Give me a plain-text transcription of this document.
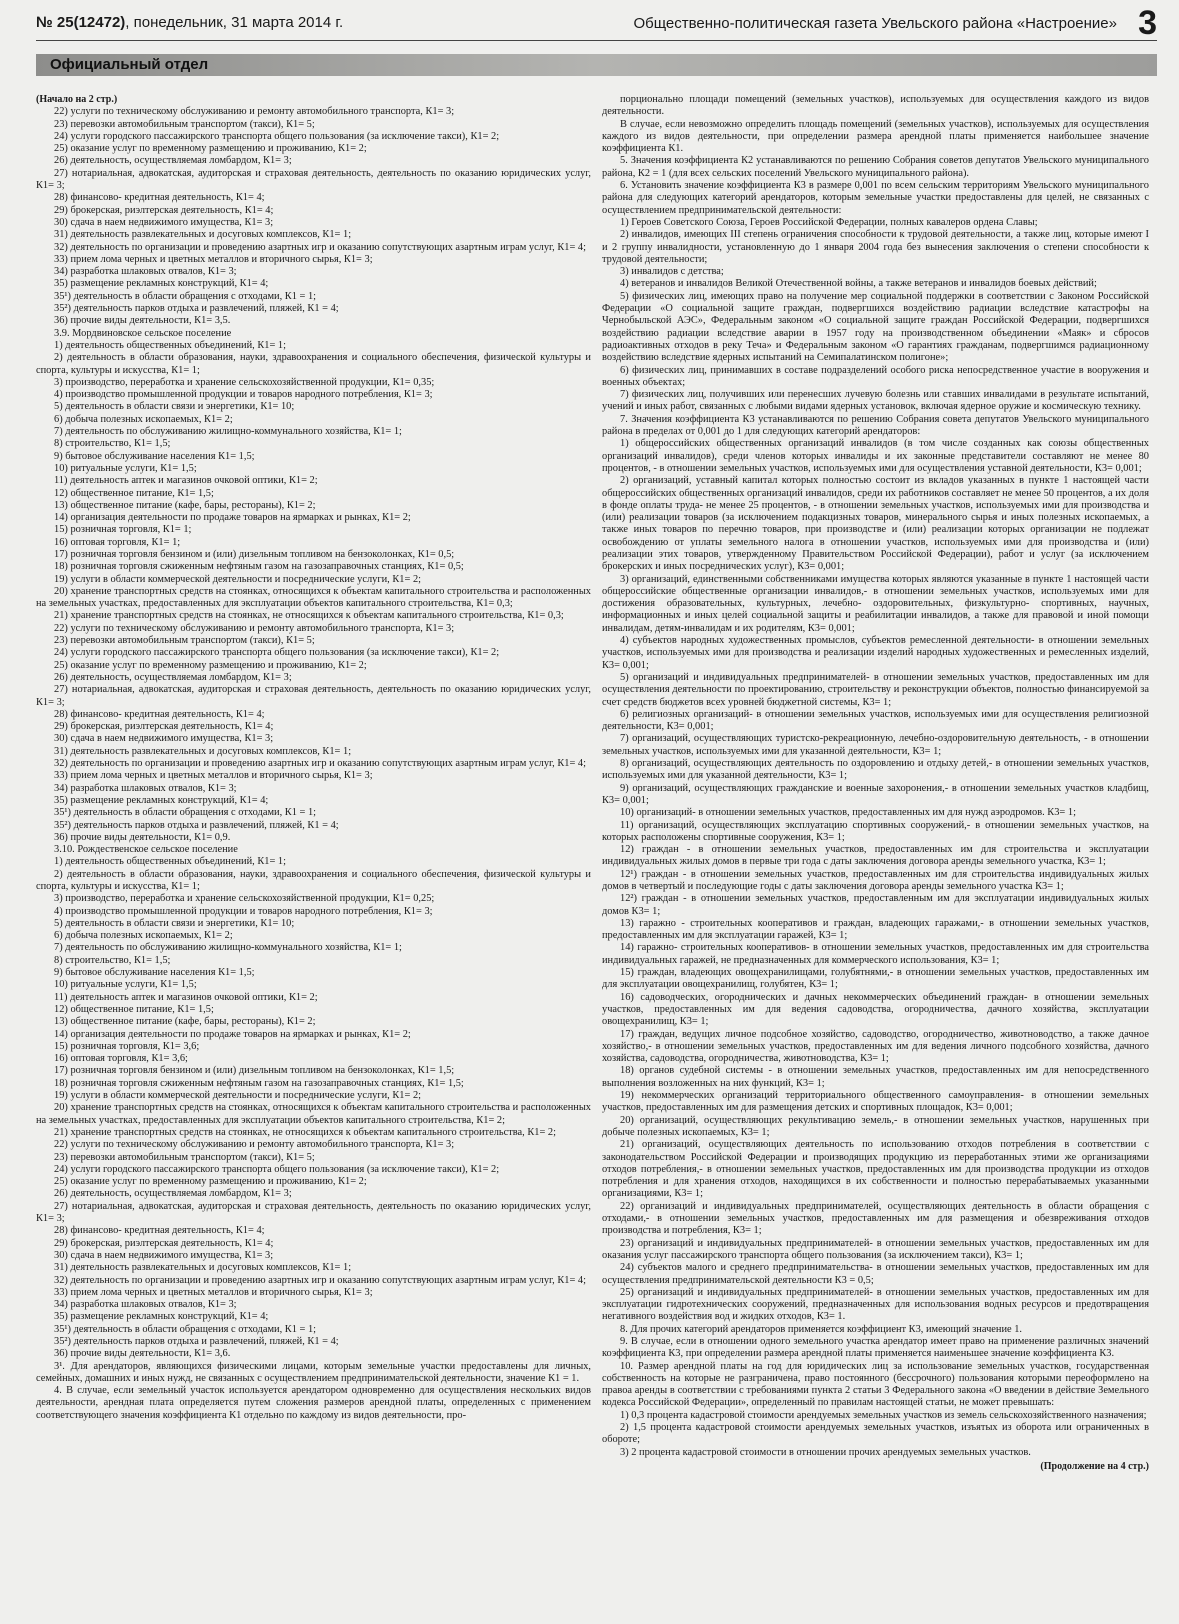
№ 25(12472), понедельник, 31 марта 2014 г.	Общественно-политическая газета Увельского района «Настроение» 3
Официальный отдел

(Начало на 2 стр.)

22) услуги по техническому обслуживанию и ремонту автомобильного транспорта, К1= 3;

23) перевозки автомобильным транспортом (такси), К1= 5;

24) услуги городского пассажирского транспорта общего пользования (за исключение такси), К1= 2;

25) оказание услуг по временному размещению и проживанию, К1= 2;

26) деятельность, осуществляемая ломбардом, К1= 3;

27) нотариальная, адвокатская, аудиторская и страховая деятельность, деятельность по оказанию юридических услуг, К1= 3;

28) финансово- кредитная деятельность, К1= 4;

29) брокерская, риэлтерская деятельность, К1= 4;

30) сдача в наем недвижимого имущества, К1= 3;

31) деятельность развлекательных и досуговых комплексов, К1= 1;

32) деятельность по организации и проведению азартных игр и оказанию сопутствующих азартным играм услуг, К1= 4;

33) прием лома черных и цветных металлов и вторичного сырья, К1= 3;

34) разработка шлаковых отвалов, К1= 3;

35) размещение рекламных конструкций, К1= 4;

35¹) деятельность в области обращения с отходами, К1 = 1;

35²) деятельность парков отдыха и развлечений, пляжей, К1 = 4;

36) прочие виды деятельности, К1= 3,5.

3.9. Мордвиновское сельское поселение

1) деятельность общественных объединений, К1= 1;

2) деятельность в области образования, науки, здравоохранения и социального обеспечения, физической культуры и спорта, культуры и искусства, К1= 1;

3) производство, переработка и хранение сельскохозяйственной продукции, К1= 0,35;

4) производство промышленной продукции и товаров народного потребления, К1= 3;

5) деятельность в области связи и энергетики, К1= 10;

6) добыча полезных ископаемых, К1= 2;

7) деятельность по обслуживанию жилищно-коммунального хозяйства, К1= 1;

8) строительство, К1= 1,5;

9) бытовое обслуживание населения К1= 1,5;

10) ритуальные услуги, К1= 1,5;

11) деятельность аптек и магазинов очковой оптики, К1= 2;

12) общественное питание, К1= 1,5;

13) общественное питание (кафе, бары, рестораны), К1= 2;

14) организация деятельности по продаже товаров на ярмарках и рынках, К1= 2;

15) розничная торговля, К1= 1;

16) оптовая торговля, К1= 1;

17) розничная торговля бензином и (или) дизельным топливом на бензоколонках, К1= 0,5;

18) розничная торговля сжиженным нефтяным газом на газозаправочных станциях, К1= 0,5;

19) услуги в области коммерческой деятельности и посреднические услуги, К1= 2;

20) хранение транспортных средств на стоянках, относящихся к объектам капитального строительства и расположенных на земельных участках, предоставленных для эксплуатации объектов капитального строительства, К1= 0,3;

21) хранение транспортных средств на стоянках, не относящихся к объектам капитального строительства, К1= 0,3;

22) услуги по техническому обслуживанию и ремонту автомобильного транспорта, К1= 3;

23) перевозки автомобильным транспортом (такси), К1= 5;

24) услуги городского пассажирского транспорта общего пользования (за исключение такси), К1= 2;

25) оказание услуг по временному размещению и проживанию, К1= 2;

26) деятельность, осуществляемая ломбардом, К1= 3;

27) нотариальная, адвокатская, аудиторская и страховая деятельность, деятельность по оказанию юридических услуг, К1= 3;

28) финансово- кредитная деятельность, К1= 4;

29) брокерская, риэлтерская деятельность, К1= 4;

30) сдача в наем недвижимого имущества, К1= 3;

31) деятельность развлекательных и досуговых комплексов, К1= 1;

32) деятельность по организации и проведению азартных игр и оказанию сопутствующих азартным играм услуг, К1= 4;

33) прием лома черных и цветных металлов и вторичного сырья, К1= 3;

34) разработка шлаковых отвалов, К1= 3;

35) размещение рекламных конструкций, К1= 4;

35¹) деятельность в области обращения с отходами, К1 = 1;

35²) деятельность парков отдыха и развлечений, пляжей, К1 = 4;

36) прочие виды деятельности, К1= 0,9.

3.10. Рождественское сельское поселение

1) деятельность общественных объединений, К1= 1;

2) деятельность в области образования, науки, здравоохранения и социального обеспечения, физической культуры и спорта, культуры и искусства, К1= 1;

3) производство, переработка и хранение сельскохозяйственной продукции, К1= 0,25;

4) производство промышленной продукции и товаров народного потребления, К1= 3;

5) деятельность в области связи и энергетики, К1= 10;

6) добыча полезных ископаемых, К1= 2;

7) деятельность по обслуживанию жилищно-коммунального хозяйства, К1= 1;

8) строительство, К1= 1,5;

9) бытовое обслуживание населения К1= 1,5;

10) ритуальные услуги, К1= 1,5;

11) деятельность аптек и магазинов очковой оптики, К1= 2;

12) общественное питание, К1= 1,5;

13) общественное питание (кафе, бары, рестораны), К1= 2;

14) организация деятельности по продаже товаров на ярмарках и рынках, К1= 2;

15) розничная торговля, К1= 3,6;

16) оптовая торговля, К1= 3,6;

17) розничная торговля бензином и (или) дизельным топливом на бензоколонках, К1= 1,5;

18) розничная торговля сжиженным нефтяным газом на газозаправочных станциях, К1= 1,5;

19) услуги в области коммерческой деятельности и посреднические услуги, К1= 2;

20) хранение транспортных средств на стоянках, относящихся к объектам капитального строительства и расположенных на земельных участках, предоставленных для эксплуатации объектов капитального строительства, К1= 2;

21) хранение транспортных средств на стоянках, не относящихся к объектам капитального строительства, К1= 2;

22) услуги по техническому обслуживанию и ремонту автомобильного транспорта, К1= 3;

23) перевозки автомобильным транспортом (такси), К1= 5;

24) услуги городского пассажирского транспорта общего пользования (за исключение такси), К1= 2;

25) оказание услуг по временному размещению и проживанию, К1= 2;

26) деятельность, осуществляемая ломбардом, К1= 3;

27) нотариальная, адвокатская, аудиторская и страховая деятельность, деятельность по оказанию юридических услуг, К1= 3;

28) финансово- кредитная деятельность, К1= 4;

29) брокерская, риэлтерская деятельность, К1= 4;

30) сдача в наем недвижимого имущества, К1= 3;

31) деятельность развлекательных и досуговых комплексов, К1= 1;

32) деятельность по организации и проведению азартных игр и оказанию сопутствующих азартным играм услуг, К1= 4;

33) прием лома черных и цветных металлов и вторичного сырья, К1= 3;

34) разработка шлаковых отвалов, К1= 3;

35) размещение рекламных конструкций, К1= 4;

35¹) деятельность в области обращения с отходами, К1 = 1;

35²) деятельность парков отдыха и развлечений, пляжей, К1 = 4;

36) прочие виды деятельности, К1= 3,6.

3¹. Для арендаторов, являющихся физическими лицами, которым земельные участки предоставлены для личных, семейных, домашних и иных нужд, не связанных с осуществлением предпринимательской деятельности, значение К1 = 1.

4. В случае, если земельный участок используется арендатором одновременно для осуществления нескольких видов деятельности, арендная плата определяется путем сложения размеров арендной платы, определенных с применением соответствующего значения коэффициента К1 отдельно по каждому из видов деятельности, про-

порционально площади помещений (земельных участков), используемых для осуществления каждого из видов деятельности.

В случае, если невозможно определить площадь помещений (земельных участков), используемых для осуществления каждого из видов деятельности, при определении размера арендной платы применяется наибольшее значение коэффициента К1.

5. Значения коэффициента К2 устанавливаются по решению Собрания советов депутатов Увельского муниципального района, К2 = 1 (для всех сельских поселений Увельского муниципального района).

6. Установить значение коэффициента К3 в размере 0,001 по всем сельским территориям Увельского муниципального района для следующих категорий арендаторов, которым земельные участки предоставлены для целей, не связанных с осуществлением предпринимательской деятельности:

1) Героев Советского Союза, Героев Российской Федерации, полных кавалеров ордена Славы;

2) инвалидов, имеющих III степень ограничения способности к трудовой деятельности, а также лиц, которые имеют I и 2 группу инвалидности, установленную до 1 января 2004 года без вынесения заключения о степени способности к трудовой деятельности;

3) инвалидов с детства;

4) ветеранов и инвалидов Великой Отечественной войны, а также ветеранов и инвалидов боевых действий;

5) физических лиц, имеющих право на получение мер социальной поддержки в соответствии с Законом Российской Федерации «О социальной защите граждан, подвергшихся воздействию радиации вследствие катастрофы на Чернобыльской АЭС», Федеральным законом «О социальной защите граждан Российской Федерации, подвергшихся воздействию радиации вследствие аварии в 1957 году на производственном объединении «Маяк» и сбросов радиоактивных отходов в реку Теча» и Федеральным законом «О гарантиях гражданам, подвергшимся радиационному воздействию вследствие ядерных испытаний на Семипалатинском полигоне»;

6) физических лиц, принимавших в составе подразделений особого риска непосредственное участие в вооружения и военных объектах;

7) физических лиц, получивших или перенесших лучевую болезнь или ставших инвалидами в результате испытаний, учений и иных работ, связанных с любыми видами ядерных установок, включая ядерное оружие и космическую технику.

7. Значения коэффициента К3 устанавливаются по решению Собрания совета депутатов Увельского муниципального района в пределах от 0,001 до 1 для следующих категорий арендаторов:

1) общероссийских общественных организаций инвалидов (в том числе созданных как союзы общественных организаций инвалидов), среди членов которых инвалиды и их законные представители составляют не менее 80 процентов, - в отношении земельных участков, используемых ими для осуществления уставной деятельности, К3= 0,001;

2) организаций, уставный капитал которых полностью состоит из вкладов указанных в пункте 1 настоящей части общероссийских общественных организаций инвалидов, среди их работников составляет не менее 50 процентов, а их доля в фонде оплаты труда- не менее 25 процентов, - в отношении земельных участков, используемых ими для производства и (или) реализации товаров (за исключением подакцизных товаров, минерального сырья и иных полезных ископаемых, а также иных товаров по перечню товаров, при производстве и (или) реализации которых организации не подлежат освобождению от уплаты земельного налога в отношении участков, используемых ими для производства и (или) реализации этих товаров, утвержденному Правительством Российской Федерации), работ и услуг (за исключением брокерских и иных посреднических услуг), К3= 0,001;

3) организаций, единственными собственниками имущества которых являются указанные в пункте 1 настоящей части общероссийские общественные организации инвалидов,- в отношении земельных участков, используемых ими для достижения образовательных, культурных, лечебно- оздоровительных, физкультурно- спортивных, научных, информационных и иных целей социальной защиты и реабилитации инвалидов, а также для правовой и иной помощи инвалидам, детям-инвалидам и их родителям, К3= 0,001;

4) субъектов народных художественных промыслов, субъектов ремесленной деятельности- в отношении земельных участков, используемых ими для производства и реализации изделий народных художественных и ремесленных изделий, К3= 0,001;

5) организаций и индивидуальных предпринимателей- в отношении земельных участков, предоставленных им для осуществления деятельности по проектированию, строительству и реконструкции объектов, полностью финансируемой за счет средств бюджетов всех уровней бюджетной системы, К3= 1;

6) религиозных организаций- в отношении земельных участков, используемых ими для осуществления религиозной деятельности, К3= 0,001;

7) организаций, осуществляющих туристско-рекреационную, лечебно-оздоровительную деятельность, - в отношении земельных участков, используемых ими для указанной деятельности, К3= 1;

8) организаций, осуществляющих деятельность по оздоровлению и отдыху детей,- в отношении земельных участков, используемых ими для указанной деятельности, К3= 1;

9) организаций, осуществляющих гражданские и военные захоронения,- в отношении земельных участков кладбищ, К3= 0,001;

10) организаций- в отношении земельных участков, предоставленных им для нужд аэродромов. К3= 1;

11) организаций, осуществляющих эксплуатацию спортивных сооружений,- в отношении земельных участков, на которых расположены спортивные сооружения, К3= 1;

12) граждан - в отношении земельных участков, предоставленных им для строительства и эксплуатации индивидуальных жилых домов в первые три года с даты заключения договора аренды земельного участка, К3= 1;

12¹) граждан - в отношении земельных участков, предоставленных им для строительства индивидуальных жилых домов в четвертый и последующие годы с даты заключения договора аренды земельного участка К3= 1;

12²) граждан - в отношении земельных участков, предоставленным им для эксплуатации индивидуальных жилых домов К3= 1;

13) гаражно - строительных кооперативов и граждан, владеющих гаражами,- в отношении земельных участков, предоставленных им для эксплуатации гаражей, К3= 1;

14) гаражно- строительных кооперативов- в отношении земельных участков, предоставленных им для строительства индивидуальных гаражей, не предназначенных для коммерческого использования, К3= 1;

15) граждан, владеющих овощехранилищами, голубятнями,- в отношении земельных участков, предоставленных им для эксплуатации овощехранилищ, голубятен, К3= 1;

16) садоводческих, огороднических и дачных некоммерческих объединений граждан- в отношении земельных участков, предоставленных им для ведения садоводства, огородничества, дачного хозяйства, эксплуатации овощехранилищ, К3= 1;

17) граждан, ведущих личное подсобное хозяйство, садоводство, огородничество, животноводство, а также дачное хозяйство,- в отношении земельных участков, предоставленных им для ведения личного подсобного хозяйства, дачного хозяйства, садоводства, огородничества, животноводства, К3= 1;

18) органов судебной системы - в отношении земельных участков, предоставленных им для непосредственного выполнения возложенных на них функций, К3= 1;

19) некоммерческих организаций территориального общественного самоуправления- в отношении земельных участков, предоставленных им для размещения детских и спортивных площадок, К3= 0,001;

20) организаций, осуществляющих рекультивацию земель,- в отношении земельных участков, нарушенных при добыче полезных ископаемых, К3= 1;

21) организаций, осуществляющих деятельность по использованию отходов потребления в соответствии с законодательством Российской Федерации и производящих продукцию из переработанных этими же организациями отходов потребления,- в отношении земельных участков, предоставленных им для производства продукции из отходов потребления и для хранения отходов, находящихся в их собственности и полностью перерабатываемых указанными организациями, К3= 1;

22) организаций и индивидуальных предпринимателей, осуществляющих деятельность в области обращения с отходами,- в отношении земельных участков, предоставленных им для размещения и обезвреживания отходов производства и потребления, К3= 1;

23) организаций и индивидуальных предпринимателей- в отношении земельных участков, предоставленных им для оказания услуг пассажирского транспорта общего пользования (за исключением такси), К3= 1;

24) субъектов малого и среднего предпринимательства- в отношении земельных участков, предоставленных им для осуществления предпринимательской деятельности К3 = 0,5;

25) организаций и индивидуальных предпринимателей- в отношении земельных участков, предоставленных им для эксплуатации гидротехнических сооружений, предназначенных для использования водных ресурсов и предотвращения негативного воздействия вод и жидких отходов, К3= 1.

8. Для прочих категорий арендаторов применяется коэффициент К3, имеющий значение 1.

9. В случае, если в отношении одного земельного участка арендатор имеет право на применение различных значений коэффициента К3, при определении размера арендной платы применяется наименьшее значение коэффициента К3.

10. Размер арендной платы на год для юридических лиц за использование земельных участков, государственная собственность на которые не разграничена, право постоянного (бессрочного) пользования которыми переоформлено на правоа аренды в соответствии с требованиями пункта 2 статьи 3 Федерального закона «О введении в действие Земельного кодекса Российской Федерации», определенный по правилам настоящей статьи, не может превышать:

1) 0,3 процента кадастровой стоимости арендуемых земельных участков из земель сельскохозяйственного назначения;

2) 1,5 процента кадастровой стоимости арендуемых земельных участков, изъятых из оборота или ограниченных в обороте;

3) 2 процента кадастровой стоимости в отношении прочих арендуемых земельных участков.

(Продолжение на 4 стр.)
